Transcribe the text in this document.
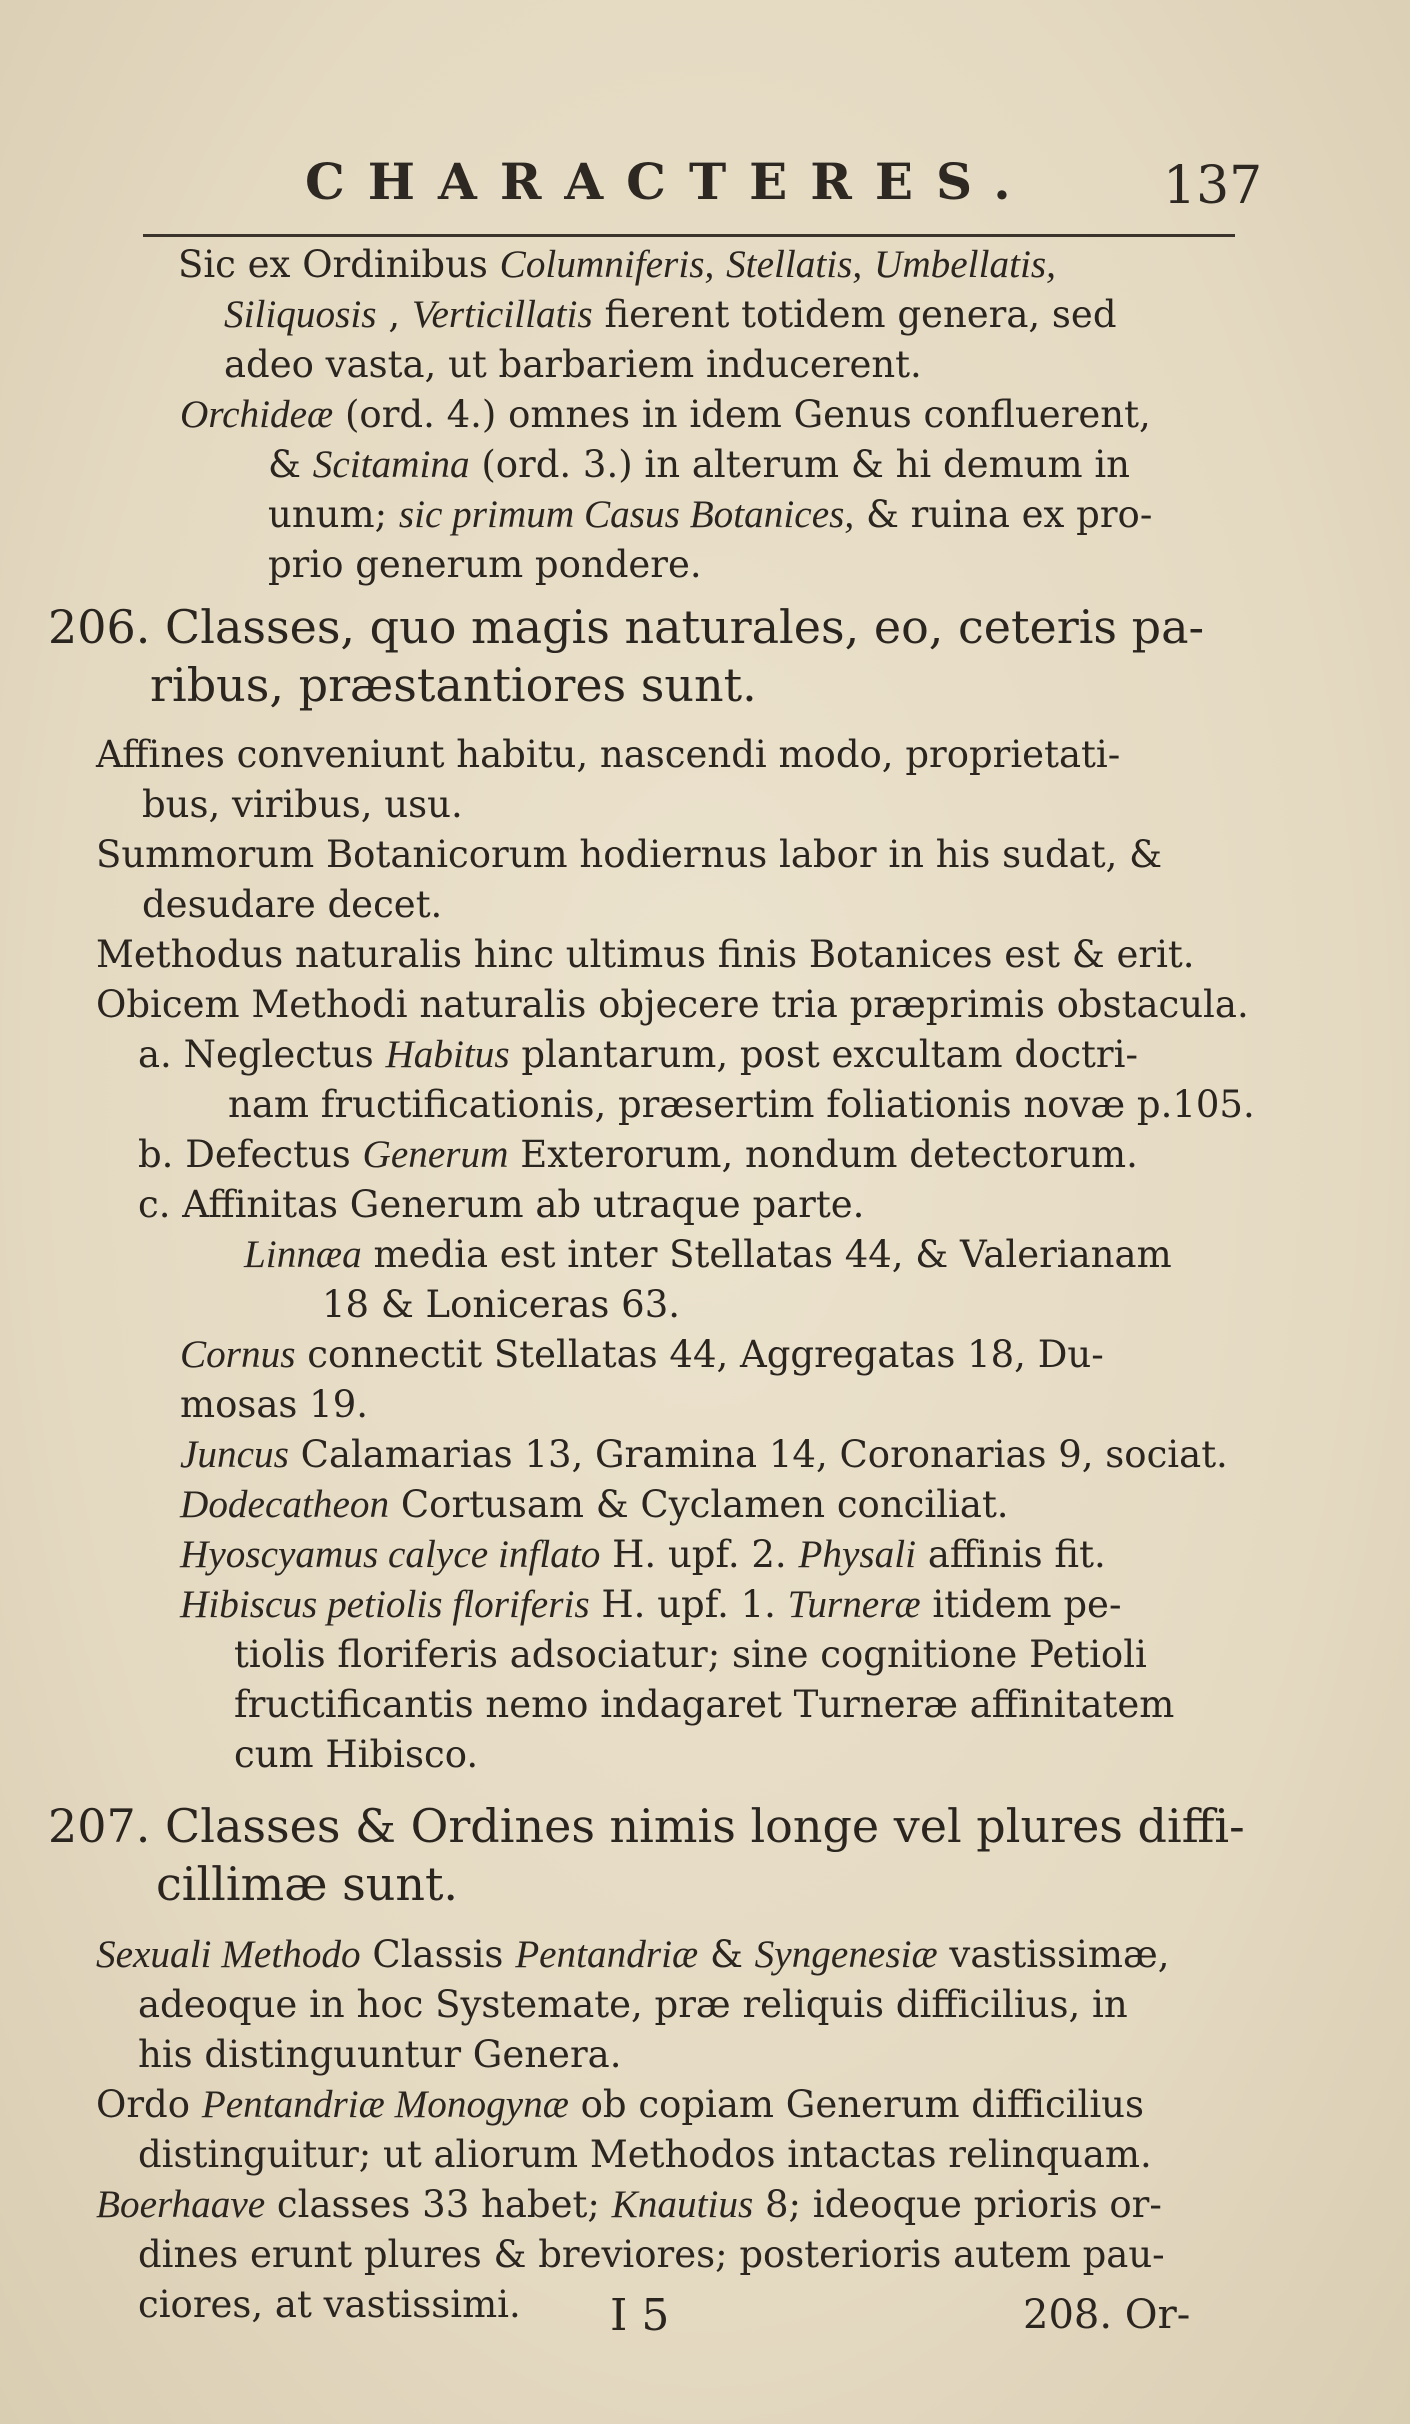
CHARACTERES. 137
Sic ex Ordinibus Columniferis, Stellatis, Umbellatis,
Siliquosis , Verticillatis fierent totidem genera, sed
adeo vasta, ut barbariem inducerent.
Orchideæ (ord. 4.) omnes in idem Genus confluerent,
& Scitamina (ord. 3.) in alterum & hi demum in
unum; sic primum Casus Botanices, & ruina ex pro-
prio generum pondere.
206. Classes, quo magis naturales, eo, ceteris pa-
ribus, præstantiores sunt.
Affines conveniunt habitu, nascendi modo, proprietati-
bus, viribus, usu.
Summorum Botanicorum hodiernus labor in his sudat, &
desudare decet.
Methodus naturalis hinc ultimus finis Botanices est & erit.
Obicem Methodi naturalis objecere tria præprimis obstacula.
a. Neglectus Habitus plantarum, post excultam doctri-
nam fructificationis, præsertim foliationis novæ p.105.
b. Defectus Generum Exterorum, nondum detectorum.
c. Affinitas Generum ab utraque parte.
Linnæa media est inter Stellatas 44, & Valerianam
18 & Loniceras 63.
Cornus connectit Stellatas 44, Aggregatas 18, Du-
mosas 19.
Juncus Calamarias 13, Gramina 14, Coronarias 9, sociat.
Dodecatheon Cortusam & Cyclamen conciliat.
Hyoscyamus calyce inflato H. upf. 2. Physali affinis fit.
Hibiscus petiolis floriferis H. upf. 1. Turneræ itidem pe-
tiolis floriferis adsociatur; sine cognitione Petioli
fructificantis nemo indagaret Turneræ affinitatem
cum Hibisco.
207. Classes & Ordines nimis longe vel plures diffi-
cillimæ sunt.
Sexuali Methodo Classis Pentandriæ & Syngenesiæ vastissimæ,
adeoque in hoc Systemate, præ reliquis difficilius, in
his distinguuntur Genera.
Ordo Pentandriæ Monogynæ ob copiam Generum difficilius
distinguitur; ut aliorum Methodos intactas relinquam.
Boerhaave classes 33 habet; Knautius 8; ideoque prioris or-
dines erunt plures & breviores; posterioris autem pau-
ciores, at vastissimi. I 5	208. Or-
